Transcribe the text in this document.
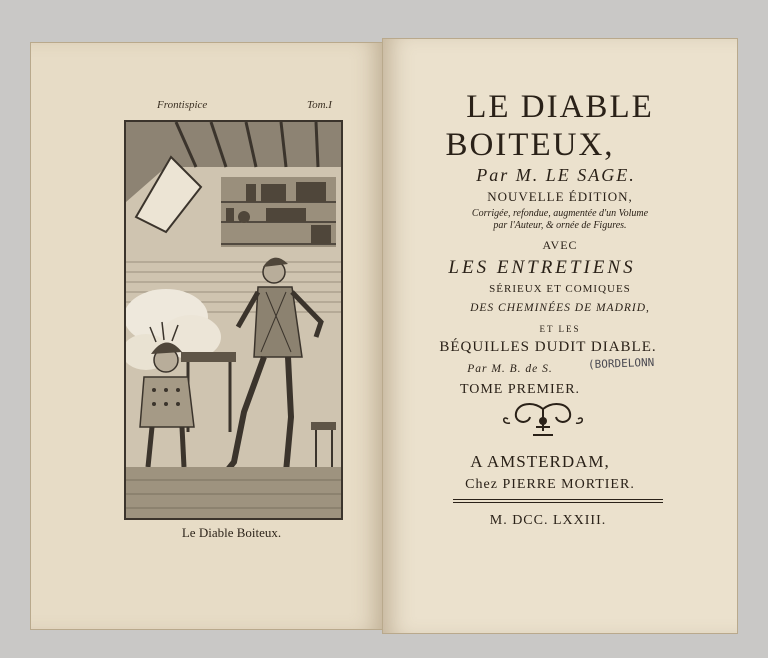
Frontispice	Tom.I
Le Diable Boiteux.
LE DIABLE
BOITEUX,
Par M. LE SAGE.
NOUVELLE ÉDITION,
Corrigée, refondue, augmentée d'un Volume
par l'Auteur, & ornée de Figures.
AVEC
LES ENTRETIENS
SÉRIEUX ET COMIQUES
DES CHEMINÉES DE MADRID,
ET LES
BÉQUILLES DUDIT DIABLE.
Par M. B. de S.
TOME PREMIER.
A AMSTERDAM,
Chez PIERRE MORTIER.
M. DCC. LXXIII.
(BORDELONN
